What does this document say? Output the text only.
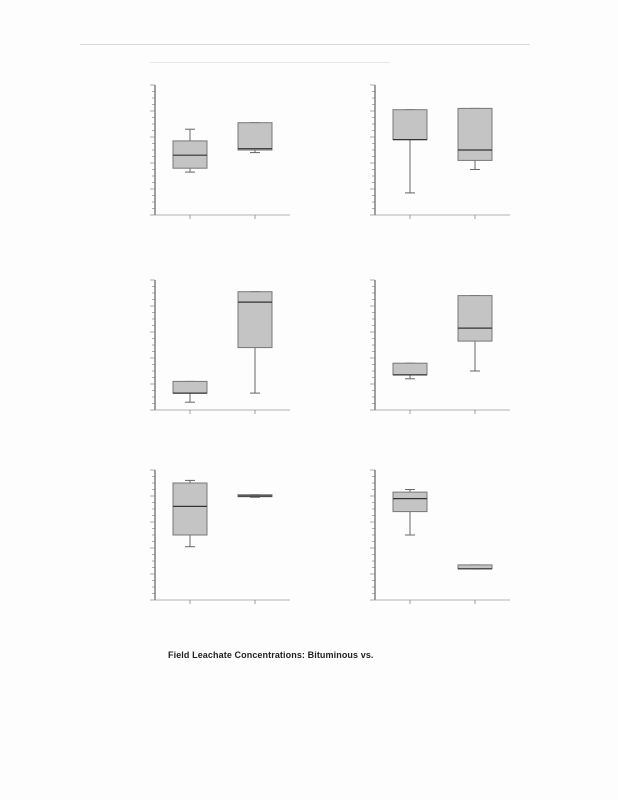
Field Leachate Concentrations: Bituminous vs.
